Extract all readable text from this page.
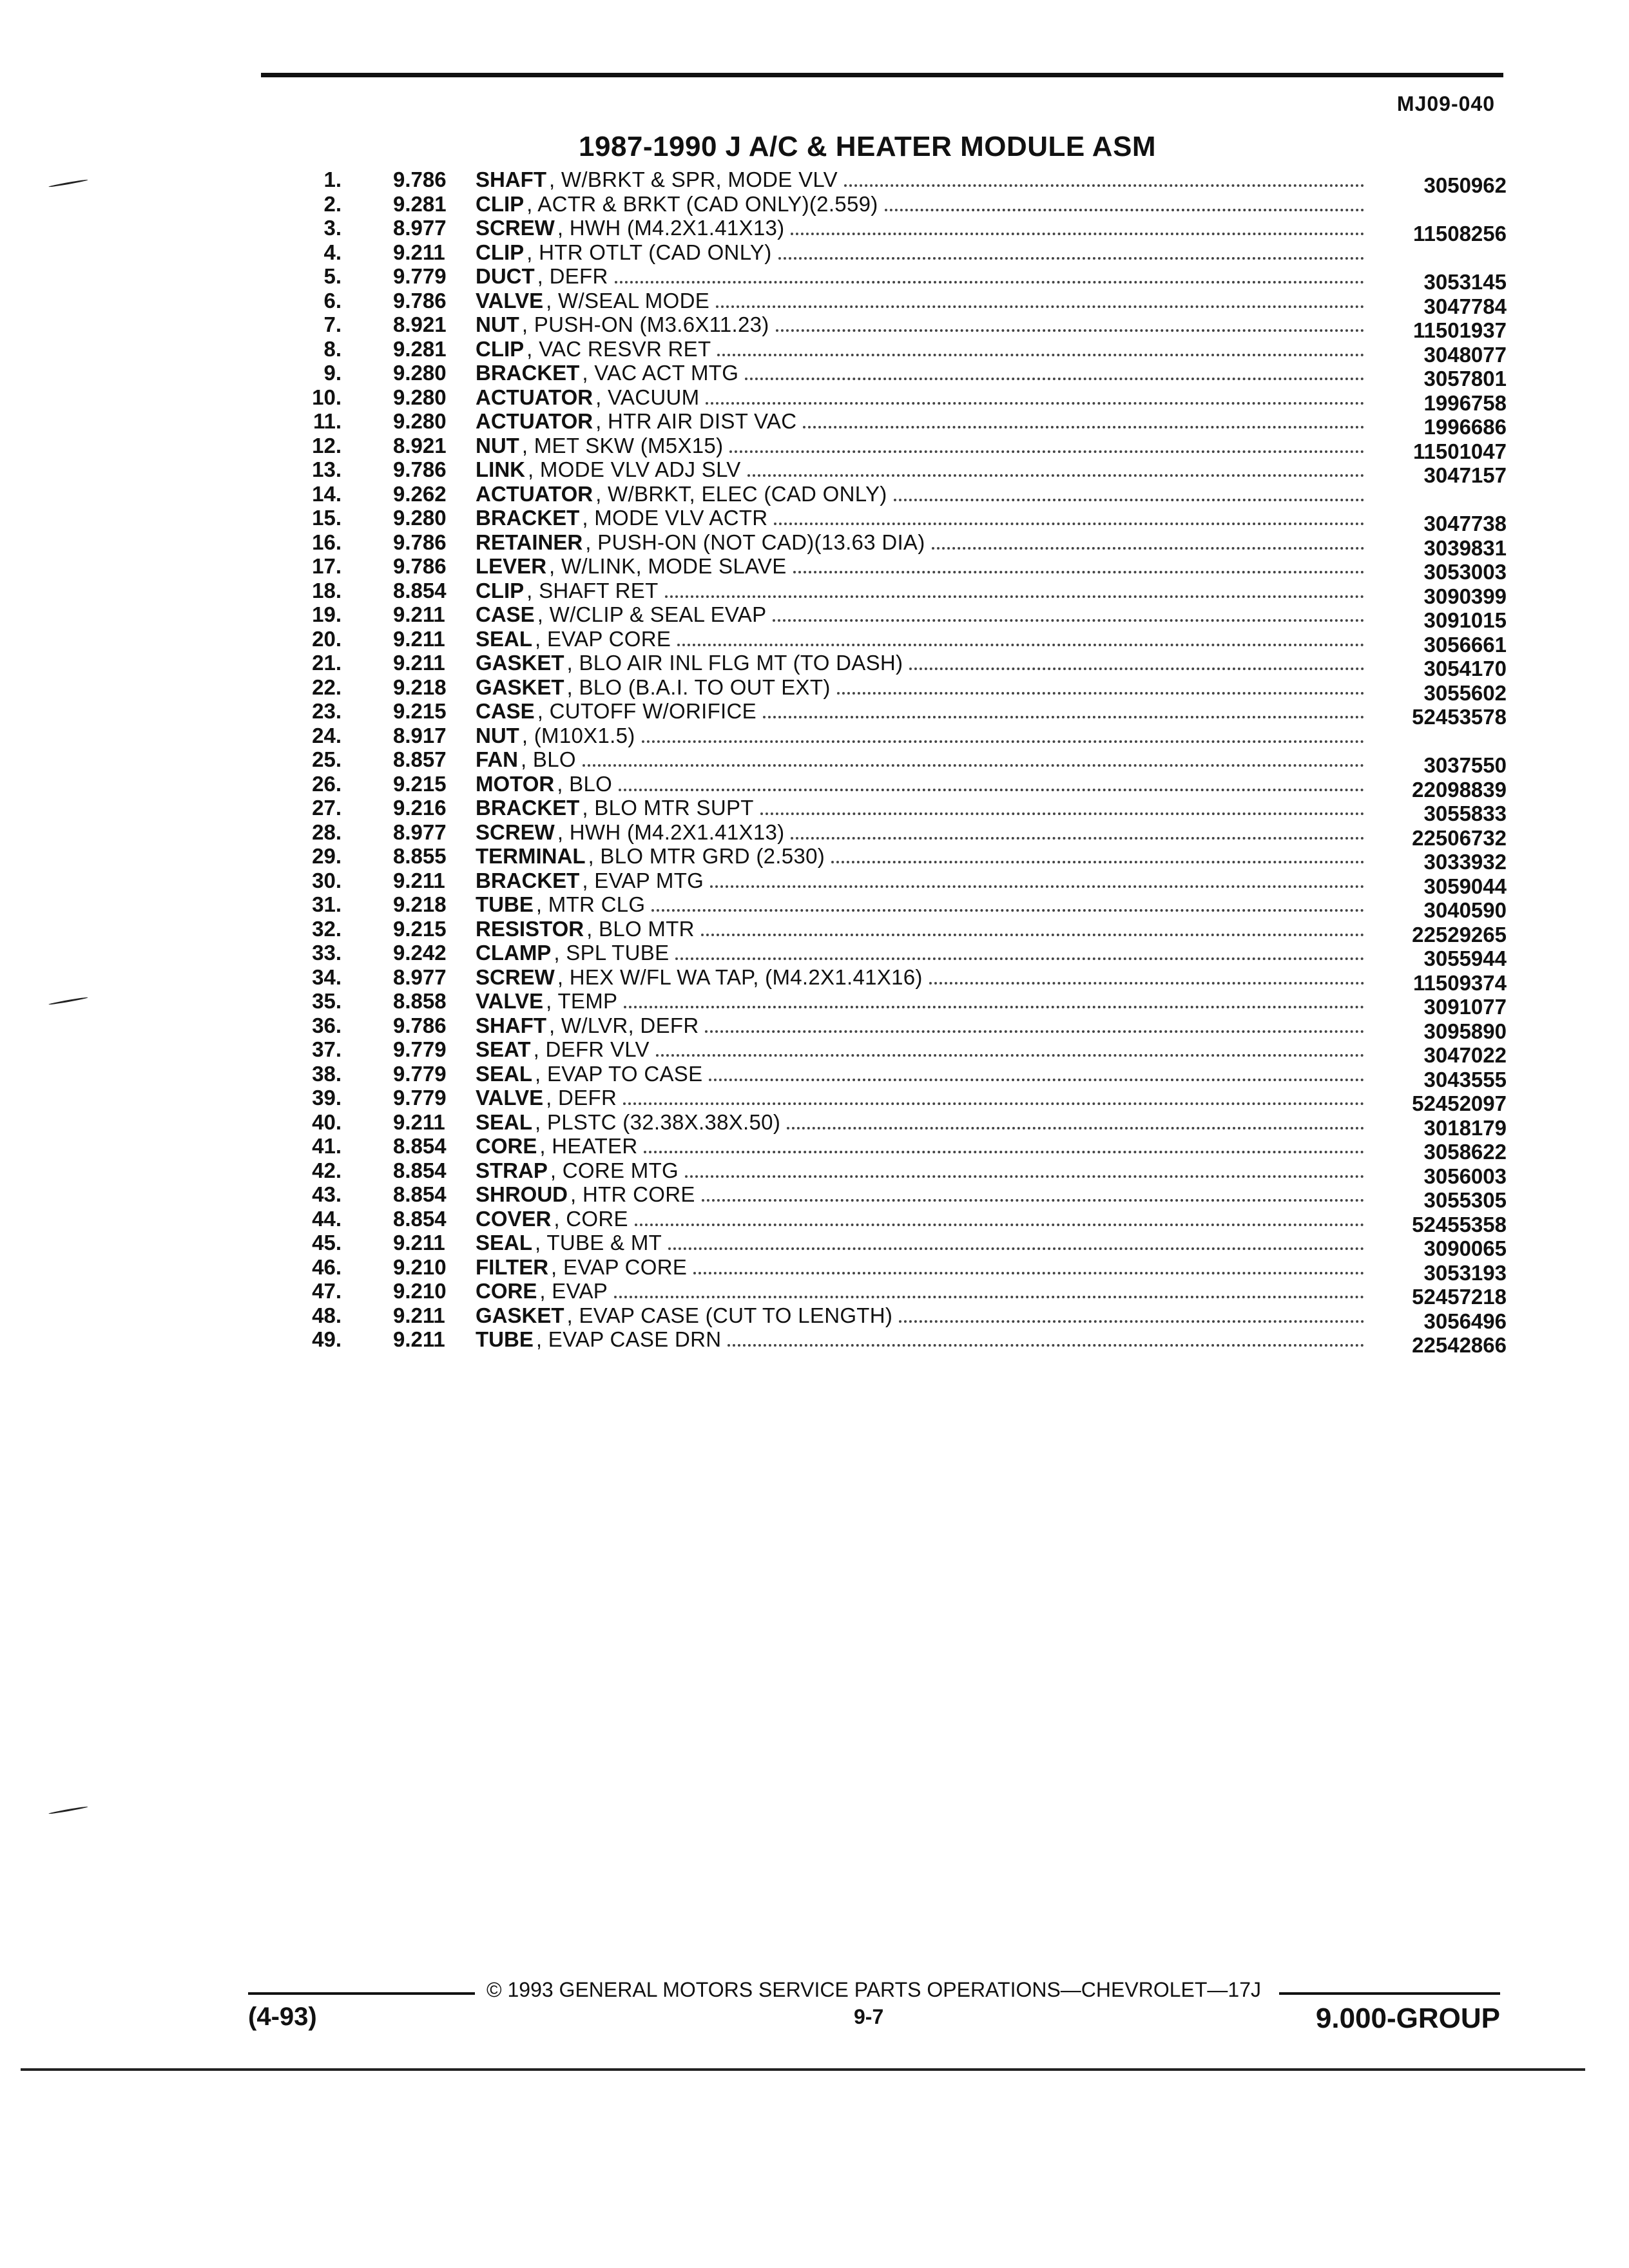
MJ09-040
1987-1990 J A/C & HEATER MODULE ASM
1. 9.786	SHAFT , W/BRKT & SPR, MODE VLV	3050962
2. 9.281	CLIP , ACTR & BRKT (CAD ONLY)(2.559)
3. 8.977	SCREW , HWH (M4.2X1.41X13)	11508256
4. 9.211	CLIP , HTR OTLT (CAD ONLY)
5. 9.779	DUCT , DEFR	3053145
6. 9.786	VALVE , W/SEAL MODE	3047784
7. 8.921	NUT , PUSH-ON (M3.6X11.23)	11501937
8. 9.281	CLIP , VAC RESVR RET	3048077
9. 9.280	BRACKET , VAC ACT MTG	3057801
10. 9.280	ACTUATOR , VACUUM	1996758
11. 9.280	ACTUATOR , HTR AIR DIST VAC	1996686
12. 8.921	NUT , MET SKW (M5X15)	11501047
13. 9.786	LINK , MODE VLV ADJ SLV	3047157
14. 9.262	ACTUATOR , W/BRKT, ELEC (CAD ONLY)
15. 9.280	BRACKET , MODE VLV ACTR	3047738
16. 9.786	RETAINER , PUSH-ON (NOT CAD)(13.63 DIA)	3039831
17. 9.786	LEVER , W/LINK, MODE SLAVE	3053003
18. 8.854	CLIP , SHAFT RET	3090399
19. 9.211	CASE , W/CLIP & SEAL EVAP	3091015
20. 9.211	SEAL , EVAP CORE	3056661
21. 9.211	GASKET , BLO AIR INL FLG MT (TO DASH)	3054170
22. 9.218	GASKET , BLO (B.A.I. TO OUT EXT)	3055602
23. 9.215	CASE , CUTOFF W/ORIFICE	52453578
24. 8.917	NUT , (M10X1.5)
25. 8.857	FAN , BLO	3037550
26. 9.215	MOTOR , BLO	22098839
27. 9.216	BRACKET , BLO MTR SUPT	3055833
28. 8.977	SCREW , HWH (M4.2X1.41X13)	22506732
29. 8.855	TERMINAL , BLO MTR GRD (2.530)	3033932
30. 9.211	BRACKET , EVAP MTG	3059044
31. 9.218	TUBE , MTR CLG	3040590
32. 9.215	RESISTOR , BLO MTR	22529265
33. 9.242	CLAMP , SPL TUBE	3055944
34. 8.977	SCREW , HEX W/FL WA TAP, (M4.2X1.41X16)	11509374
35. 8.858	VALVE , TEMP	3091077
36. 9.786	SHAFT , W/LVR, DEFR	3095890
37. 9.779	SEAT , DEFR VLV	3047022
38. 9.779	SEAL , EVAP TO CASE	3043555
39. 9.779	VALVE , DEFR	52452097
40. 9.211	SEAL , PLSTC (32.38X.38X.50)	3018179
41. 8.854	CORE , HEATER	3058622
42. 8.854	STRAP , CORE MTG	3056003
43. 8.854	SHROUD , HTR CORE	3055305
44. 8.854	COVER , CORE	52455358
45. 9.211	SEAL , TUBE & MT	3090065
46. 9.210	FILTER , EVAP CORE	3053193
47. 9.210	CORE , EVAP	52457218
48. 9.211	GASKET , EVAP CASE (CUT TO LENGTH)	3056496
49. 9.211	TUBE , EVAP CASE DRN	22542866
© 1993 GENERAL MOTORS SERVICE PARTS OPERATIONS—CHEVROLET—17J
9-7
(4-93)	9.000-GROUP
